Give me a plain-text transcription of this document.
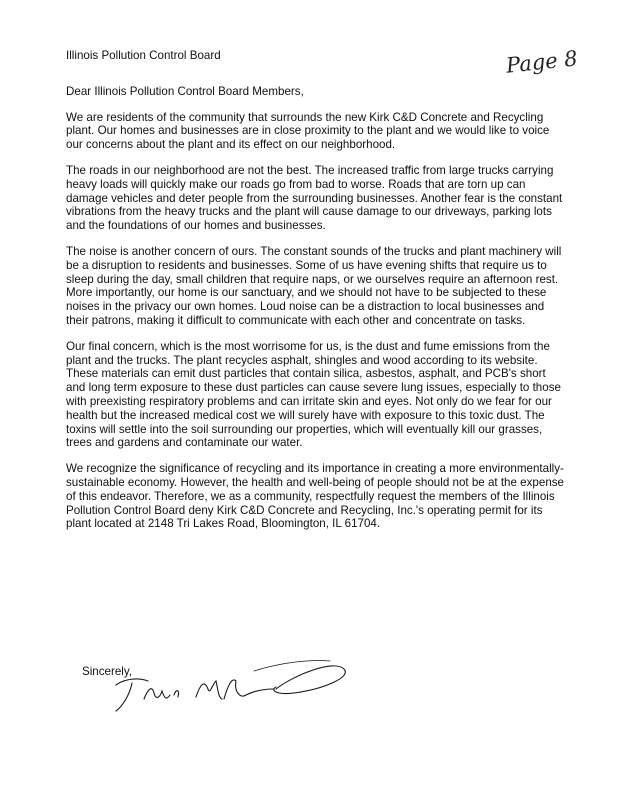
Page 8

Illinois Pollution Control Board

Dear Illinois Pollution Control Board Members,

We are residents of the community that surrounds the new Kirk C&D Concrete and Recycling plant. Our homes and businesses are in close proximity to the plant and we would like to voice our concerns about the plant and its effect on our neighborhood.

The roads in our neighborhood are not the best. The increased traffic from large trucks carrying heavy loads will quickly make our roads go from bad to worse. Roads that are torn up can damage vehicles and deter people from the surrounding businesses. Another fear is the constant vibrations from the heavy trucks and the plant will cause damage to our driveways, parking lots and the foundations of our homes and businesses.

The noise is another concern of ours. The constant sounds of the trucks and plant machinery will be a disruption to residents and businesses. Some of us have evening shifts that require us to sleep during the day, small children that require naps, or we ourselves require an afternoon rest. More importantly, our home is our sanctuary, and we should not have to be subjected to these noises in the privacy our own homes. Loud noise can be a distraction to local businesses and their patrons, making it difficult to communicate with each other and concentrate on tasks.

Our final concern, which is the most worrisome for us, is the dust and fume emissions from the plant and the trucks. The plant recycles asphalt, shingles and wood according to its website. These materials can emit dust particles that contain silica, asbestos, asphalt, and PCB's short and long term exposure to these dust particles can cause severe lung issues, especially to those with preexisting respiratory problems and can irritate skin and eyes. Not only do we fear for our health but the increased medical cost we will surely have with exposure to this toxic dust. The toxins will settle into the soil surrounding our properties, which will eventually kill our grasses, trees and gardens and contaminate our water.

We recognize the significance of recycling and its importance in creating a more environmentally-sustainable economy. However, the health and well-being of people should not be at the expense of this endeavor. Therefore, we as a community, respectfully request the members of the Illinois Pollution Control Board deny Kirk C&D Concrete and Recycling, Inc.'s operating permit for its plant located at 2148 Tri Lakes Road, Bloomington, IL 61704.

Sincerely,
